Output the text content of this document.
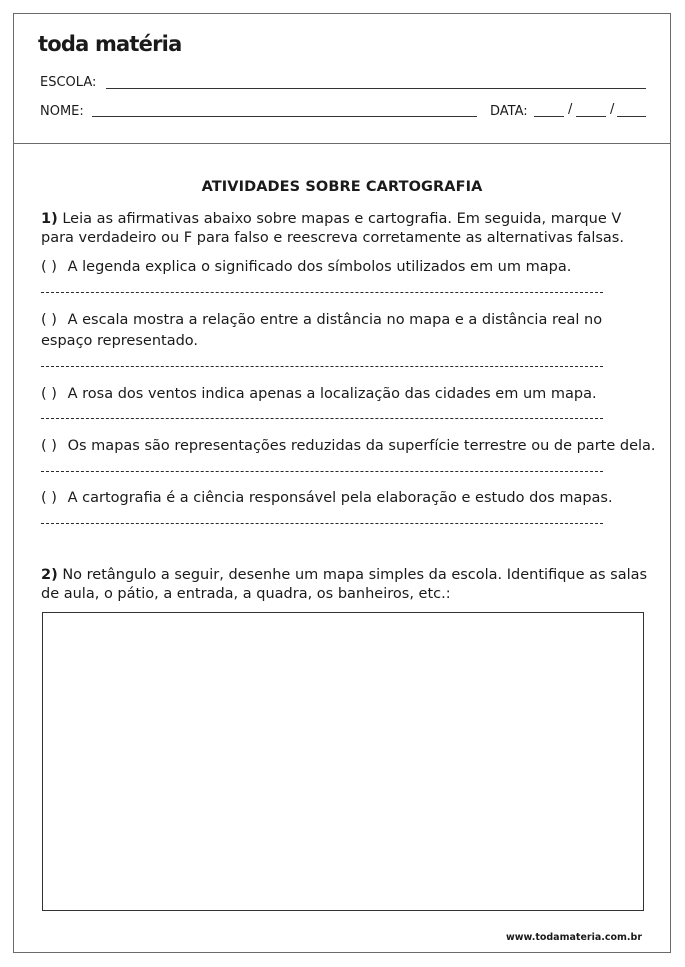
toda matéria
ESCOLA:
NOME:	DATA:	/	/
ATIVIDADES SOBRE CARTOGRAFIA
1) Leia as afirmativas abaixo sobre mapas e cartografia. Em seguida, marque V para verdadeiro ou F para falso e reescreva corretamente as alternativas falsas.
( ) A legenda explica o significado dos símbolos utilizados em um mapa.
( ) A escala mostra a relação entre a distância no mapa e a distância real no espaço representado.
( ) A rosa dos ventos indica apenas a localização das cidades em um mapa.
( ) Os mapas são representações reduzidas da superfície terrestre ou de parte dela.
( ) A cartografia é a ciência responsável pela elaboração e estudo dos mapas.
2) No retângulo a seguir, desenhe um mapa simples da escola. Identifique as salas de aula, o pátio, a entrada, a quadra, os banheiros, etc.:
www.todamateria.com.br
